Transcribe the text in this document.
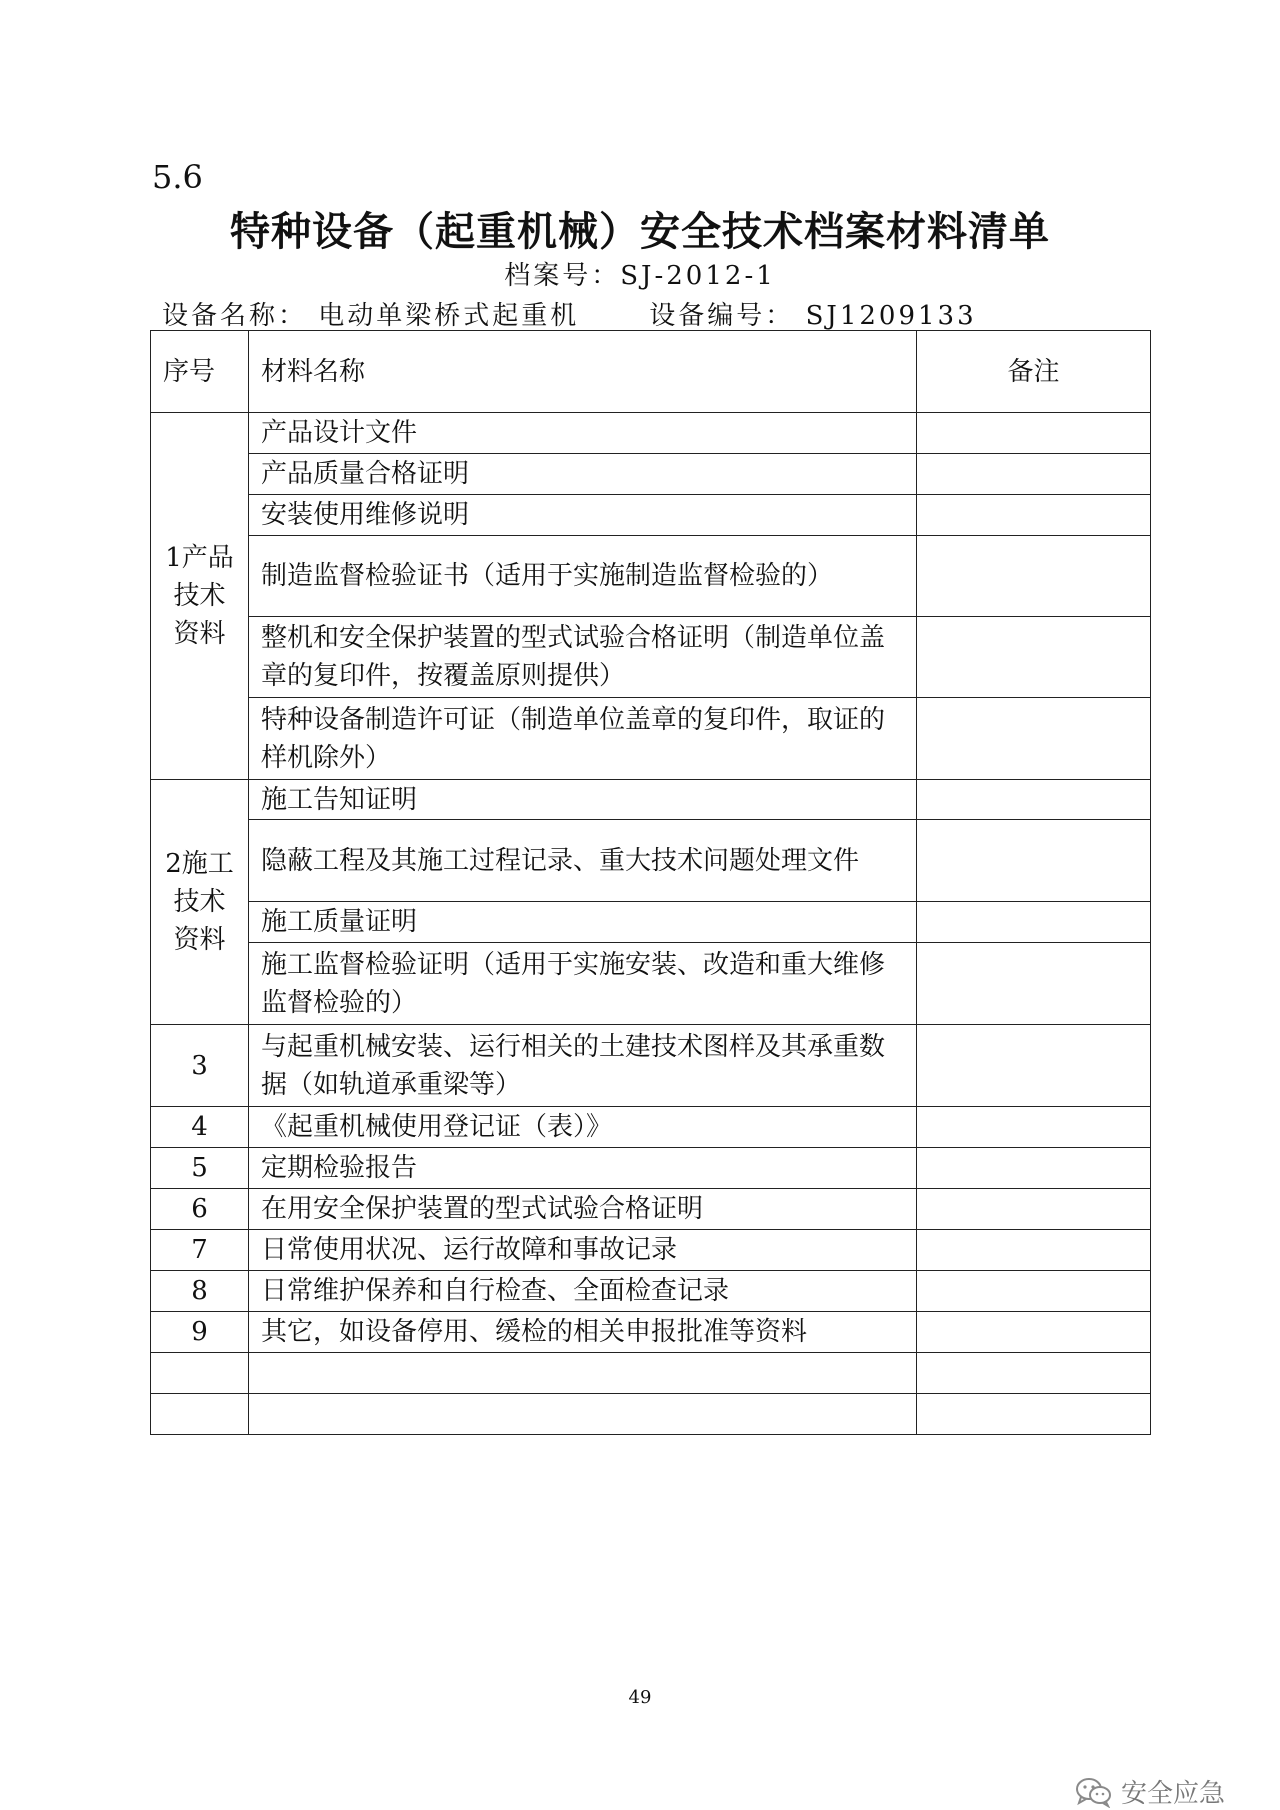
5.6
特种设备（起重机械）安全技术档案材料清单
档案号：SJ-2012-1
设备名称： 电动单梁桥式起重机	设备编号： SJ1209133
序号	材料名称	备注
1产品技术资料	产品设计文件	
	产品质量合格证明	
	安装使用维修说明	
	制造监督检验证书（适用于实施制造监督检验的）	
	整机和安全保护装置的型式试验合格证明（制造单位盖章的复印件，按覆盖原则提供）	
	特种设备制造许可证（制造单位盖章的复印件，取证的样机除外）	
2施工技术资料	施工告知证明	
	隐蔽工程及其施工过程记录、重大技术问题处理文件	
	施工质量证明	
	施工监督检验证明（适用于实施安装、改造和重大维修监督检验的）	
3	与起重机械安装、运行相关的土建技术图样及其承重数据（如轨道承重梁等）	
4	《起重机械使用登记证（表）》	
5	定期检验报告	
6	在用安全保护装置的型式试验合格证明	
7	日常使用状况、运行故障和事故记录	
8	日常维护保养和自行检查、全面检查记录	
9	其它，如设备停用、缓检的相关申报批准等资料	

49
安全应急
